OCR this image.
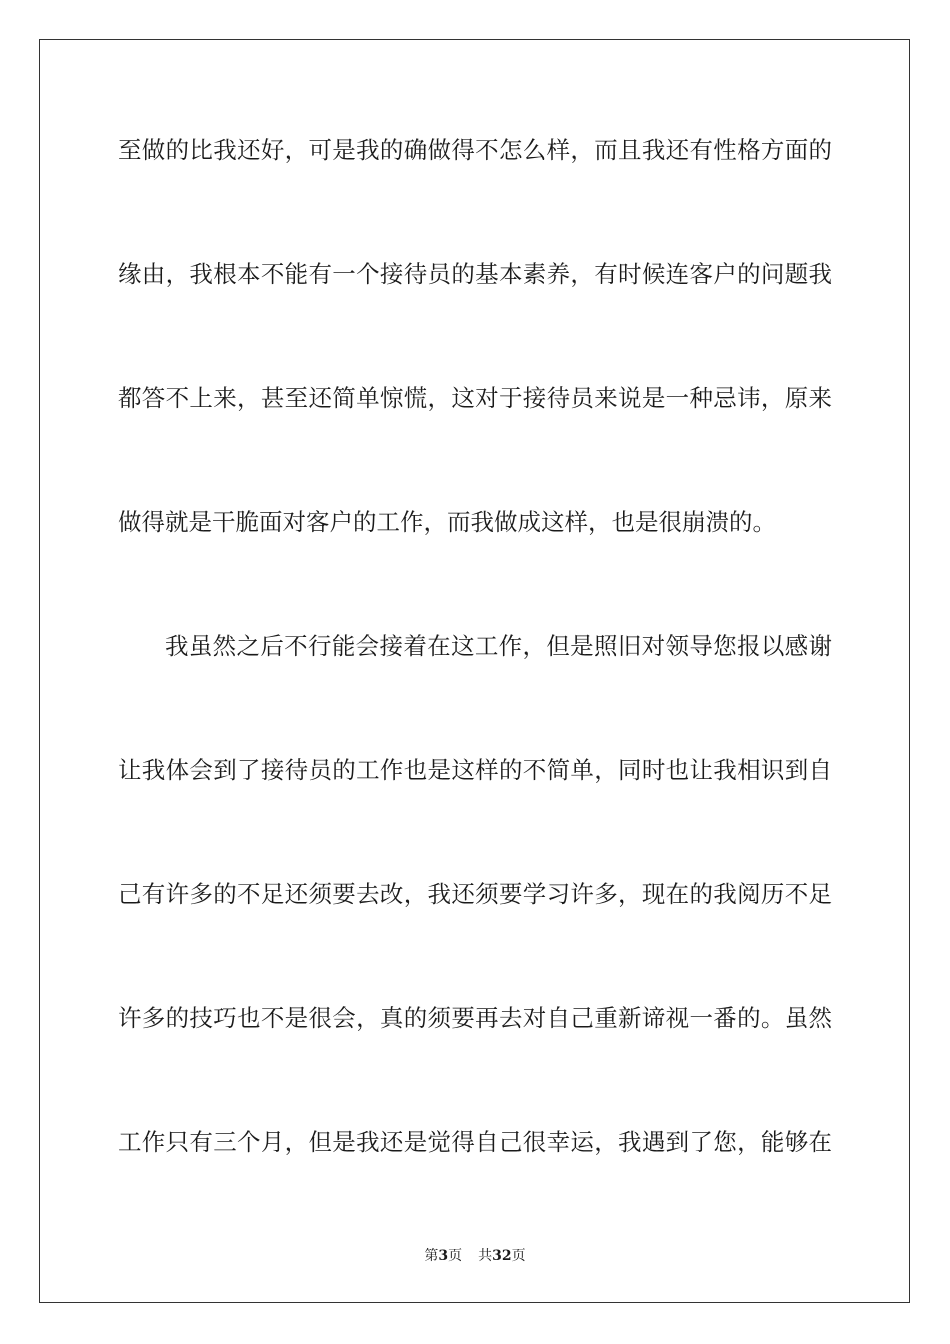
至做的比我还好，可是我的确做得不怎么样，而且我还有性格方面的
缘由，我根本不能有一个接待员的基本素养，有时候连客户的问题我
都答不上来，甚至还简单惊慌，这对于接待员来说是一种忌讳，原来
做得就是干脆面对客户的工作，而我做成这样，也是很崩溃的。
我虽然之后不行能会接着在这工作，但是照旧对领导您报以感谢
让我体会到了接待员的工作也是这样的不简单，同时也让我相识到自
己有许多的不足还须要去改，我还须要学习许多，现在的我阅历不足
许多的技巧也不是很会，真的须要再去对自己重新谛视一番的。虽然
工作只有三个月，但是我还是觉得自己很幸运，我遇到了您，能够在
第3页 共32页
